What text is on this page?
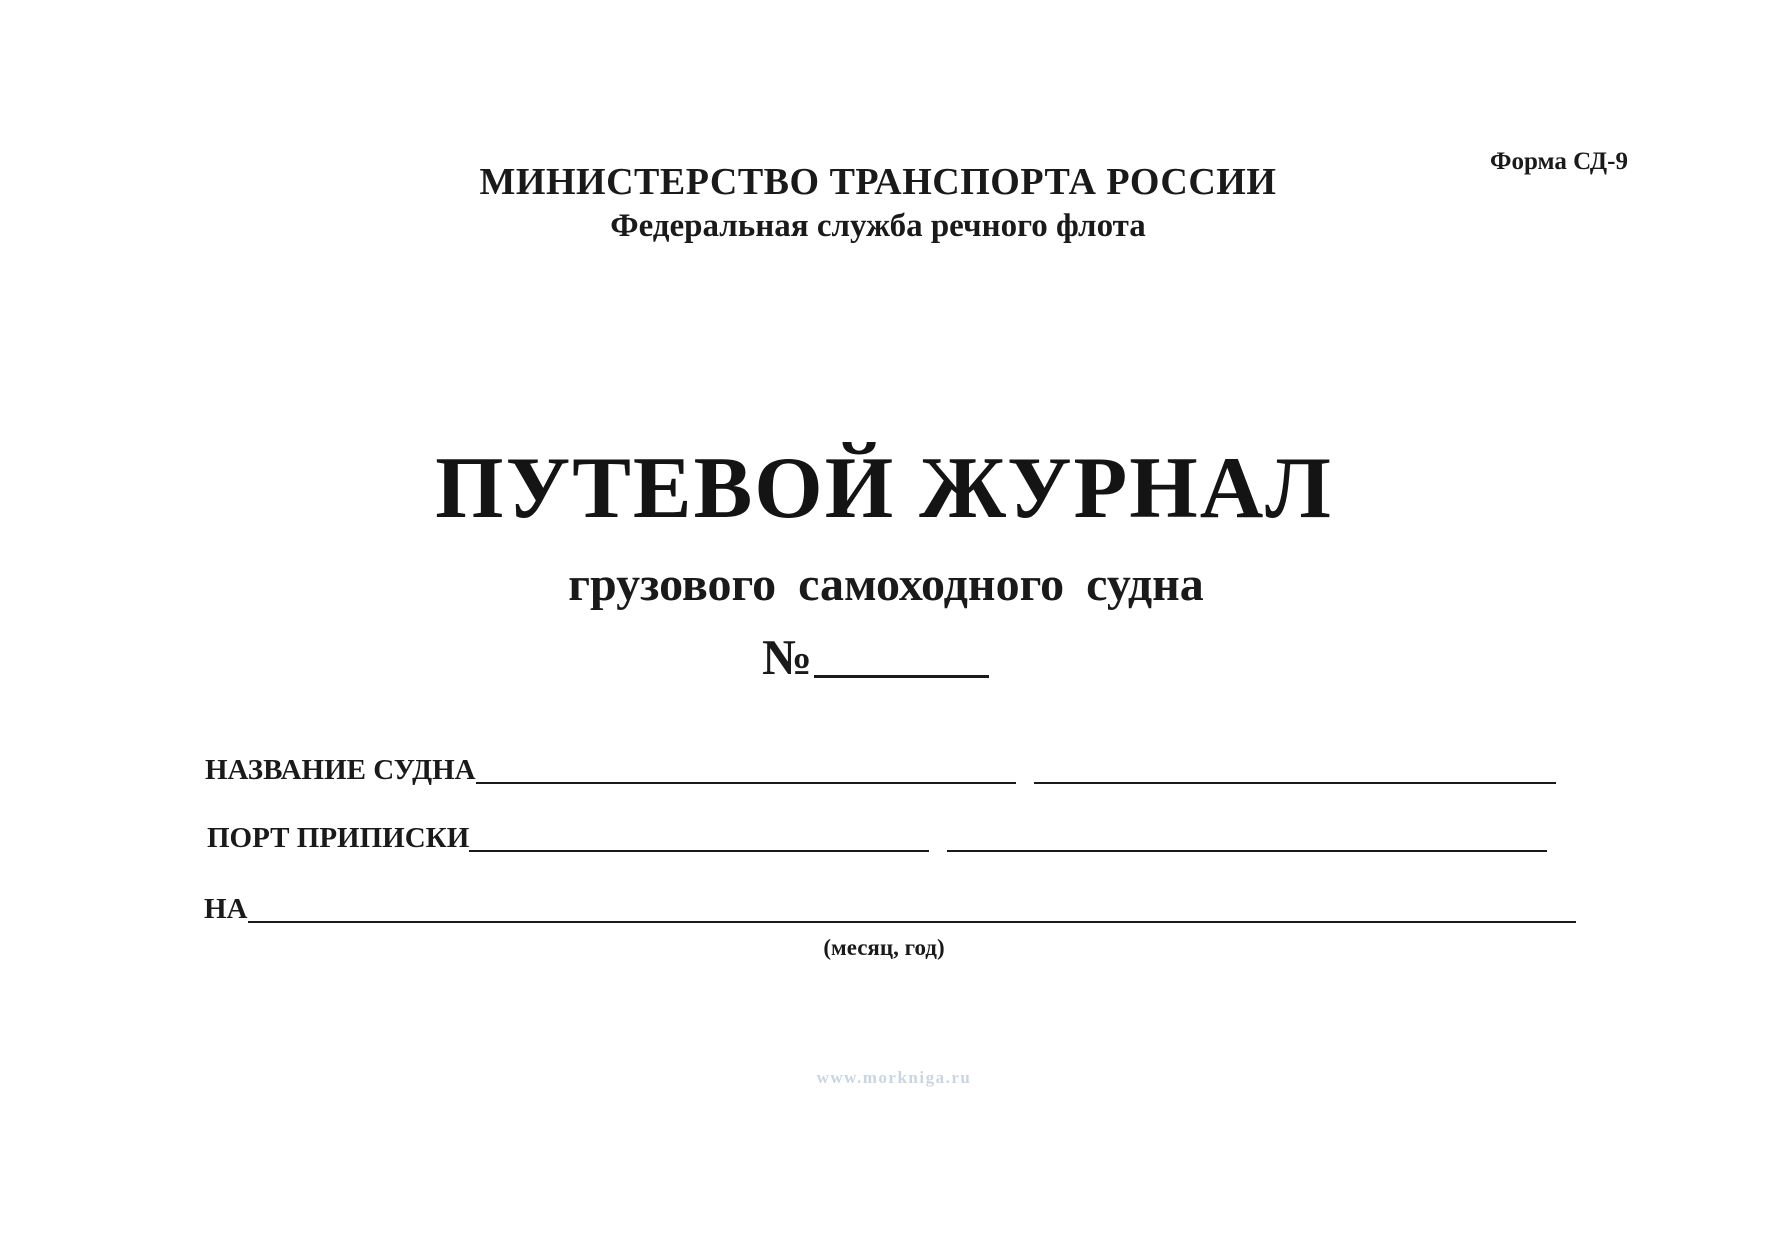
Форма СД-9
МИНИСТЕРСТВО ТРАНСПОРТА РОССИИ
Федеральная служба речного флота
ПУТЕВОЙ ЖУРНАЛ
грузового самоходного судна
№
НАЗВАНИЕ СУДНА
ПОРТ ПРИПИСКИ
НА
(месяц, год)
www.morkniga.ru
